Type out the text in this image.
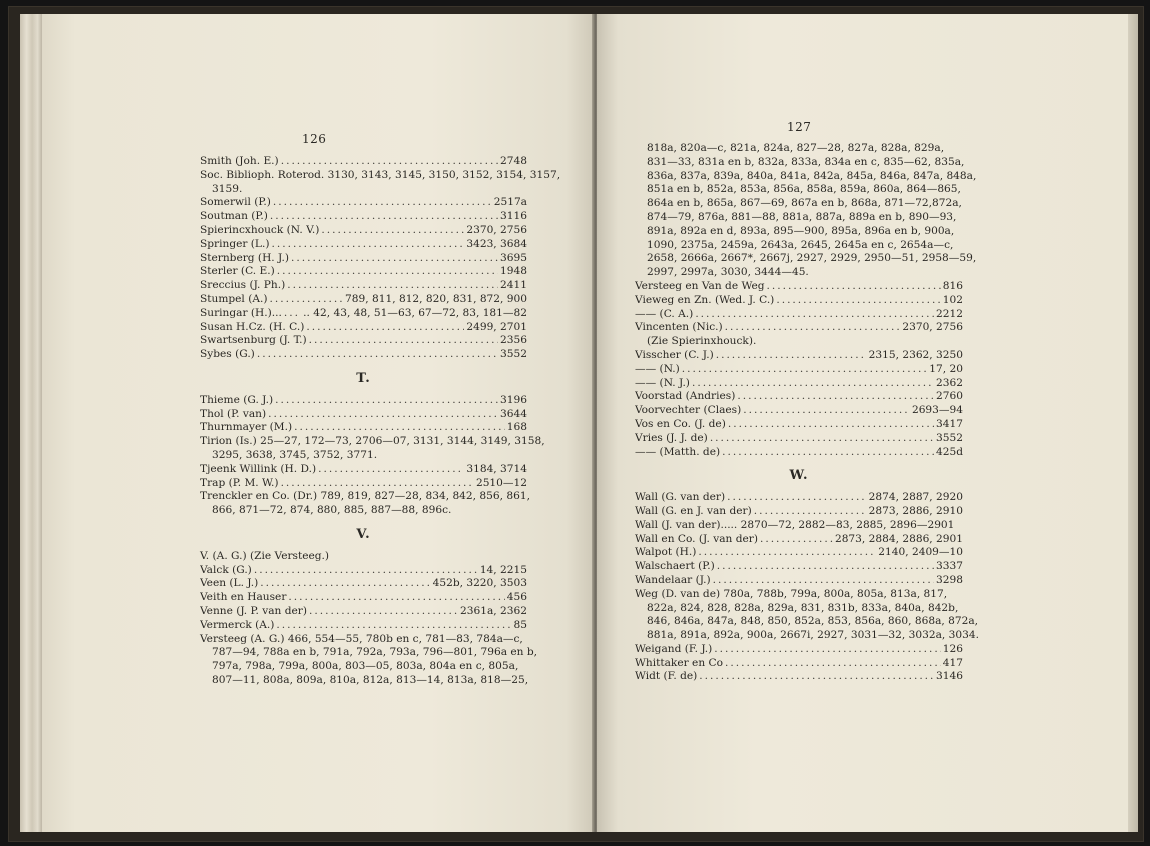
126
Smith (Joh. E.) .....	2748
Soc. Biblioph. Roterod. 3130, 3143, 3145, 3150, 3152, 3154, 3157,
3159.
Somerwil (P.) .....	2517a
Soutman (P.) .....	3116
Spierincxhouck (N. V.) .....	2370, 2756
Springer (L.) .....	3423, 3684
Sternberg (H. J.) .....	3695
Sterler (C. E.) .....	1948
Sreccius (J. Ph.) .....	2411
Stumpel (A.) .....	789, 811, 812, 820, 831, 872, 900
Suringar (H.)... ..... .. 42, 43, 48, 51—63, 67—72, 83, 181—82
Susan H.Cz. (H. C.) .....	2499, 2701
Swartsenburg (J. T.) .....	2356
Sybes (G.) .....	3552
T.
Thieme (G. J.) .....	3196
Thol (P. van) .....	3644
Thurnmayer (M.) .....	168
Tirion (Is.) 25—27, 172—73, 2706—07, 3131, 3144, 3149, 3158,
3295, 3638, 3745, 3752, 3771.
Tjeenk Willink (H. D.) .....	3184, 3714
Trap (P. M. W.) .....	2510—12
Trenckler en Co. (Dr.) 789, 819, 827—28, 834, 842, 856, 861,
866, 871—72, 874, 880, 885, 887—88, 896c.
V.
V. (A. G.) (Zie Versteeg.)
Valck (G.) .....	14, 2215
Veen (L. J.) .....	452b, 3220, 3503
Veith en Hauser .....	456
Venne (J. P. van der) .....	2361a, 2362
Vermerck (A.) .....	85
Versteeg (A. G.) 466, 554—55, 780b en c, 781—83, 784a—c,
787—94, 788a en b, 791a, 792a, 793a, 796—801, 796a en b,
797a, 798a, 799a, 800a, 803—05, 803a, 804a en c, 805a,
807—11, 808a, 809a, 810a, 812a, 813—14, 813a, 818—25,
127
818a, 820a—c, 821a, 824a, 827—28, 827a, 828a, 829a,
831—33, 831a en b, 832a, 833a, 834a en c, 835—62, 835a,
836a, 837a, 839a, 840a, 841a, 842a, 845a, 846a, 847a, 848a,
851a en b, 852a, 853a, 856a, 858a, 859a, 860a, 864—865,
864a en b, 865a, 867—69, 867a en b, 868a, 871—72,872a,
874—79, 876a, 881—88, 881a, 887a, 889a en b, 890—93,
891a, 892a en d, 893a, 895—900, 895a, 896a en b, 900a,
1090, 2375a, 2459a, 2643a, 2645, 2645a en c, 2654a—c,
2658, 2666a, 2667*, 2667j, 2927, 2929, 2950—51, 2958—59,
2997, 2997a, 3030, 3444—45.
Versteeg en Van de Weg .....	816
Vieweg en Zn. (Wed. J. C.) .....	102
—— (C. A.) .....	2212
Vincenten (Nic.) .....	2370, 2756
(Zie Spierinxhouck).
Visscher (C. J.) .....	2315, 2362, 3250
—— (N.) .....	17, 20
—— (N. J.) .....	2362
Voorstad (Andries) .....	2760
Voorvechter (Claes) .....	2693—94
Vos en Co. (J. de) .....	3417
Vries (J. J. de) .....	3552
—— (Matth. de) .....	425d
W.
Wall (G. van der) .....	2874, 2887, 2920
Wall (G. en J. van der) .....	2873, 2886, 2910
Wall (J. van der)..... 2870—72, 2882—83, 2885, 2896—2901
Wall en Co. (J. van der) .....	2873, 2884, 2886, 2901
Walpot (H.) .....	2140, 2409—10
Walschaert (P.) .....	3337
Wandelaar (J.) .....	3298
Weg (D. van de) 780a, 788b, 799a, 800a, 805a, 813a, 817,
822a, 824, 828, 828a, 829a, 831, 831b, 833a, 840a, 842b,
846, 846a, 847a, 848, 850, 852a, 853, 856a, 860, 868a, 872a,
881a, 891a, 892a, 900a, 2667i, 2927, 3031—32, 3032a, 3034.
Weigand (F. J.) .....	126
Whittaker en Co .....	417
Widt (F. de) .....	3146
